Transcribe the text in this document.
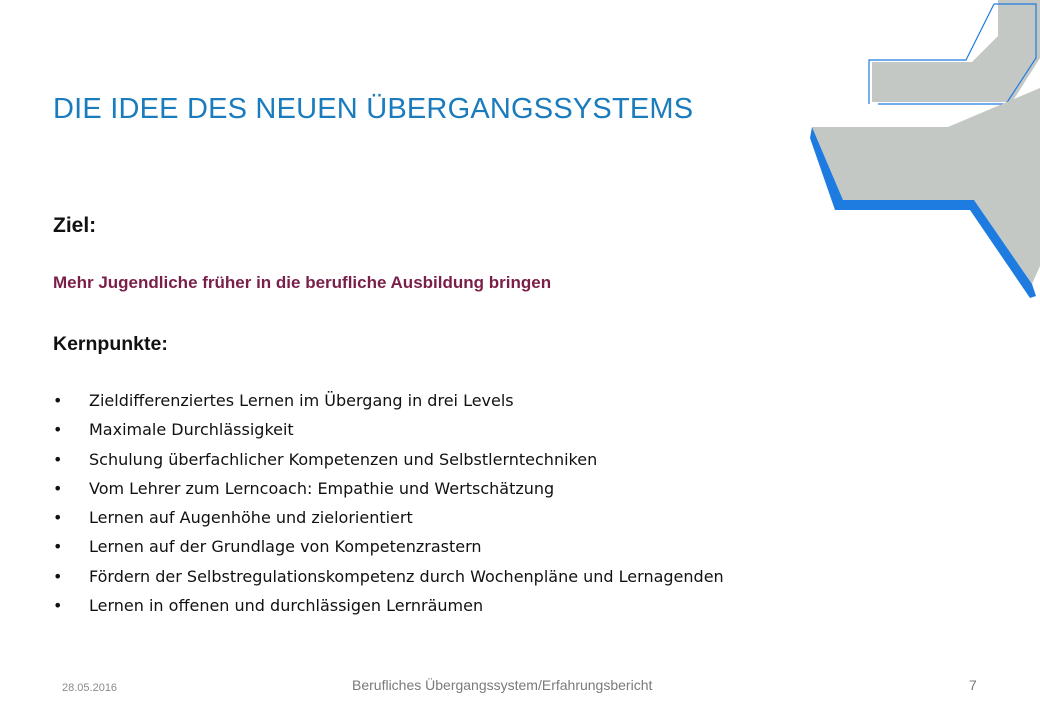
DIE IDEE DES NEUEN ÜBERGANGSSYSTEMS
Ziel:
Mehr Jugendliche früher in die berufliche Ausbildung bringen
Kernpunkte:
• Zieldifferenziertes Lernen im Übergang in drei Levels
• Maximale Durchlässigkeit
• Schulung überfachlicher Kompetenzen und Selbstlerntechniken
• Vom Lehrer zum Lerncoach: Empathie und Wertschätzung
• Lernen auf Augenhöhe und zielorientiert
• Lernen auf der Grundlage von Kompetenzrastern
• Fördern der Selbstregulationskompetenz durch Wochenpläne und Lernagenden
• Lernen in offenen und durchlässigen Lernräumen
28.05.2016	Berufliches Übergangssystem/Erfahrungsbericht	7
